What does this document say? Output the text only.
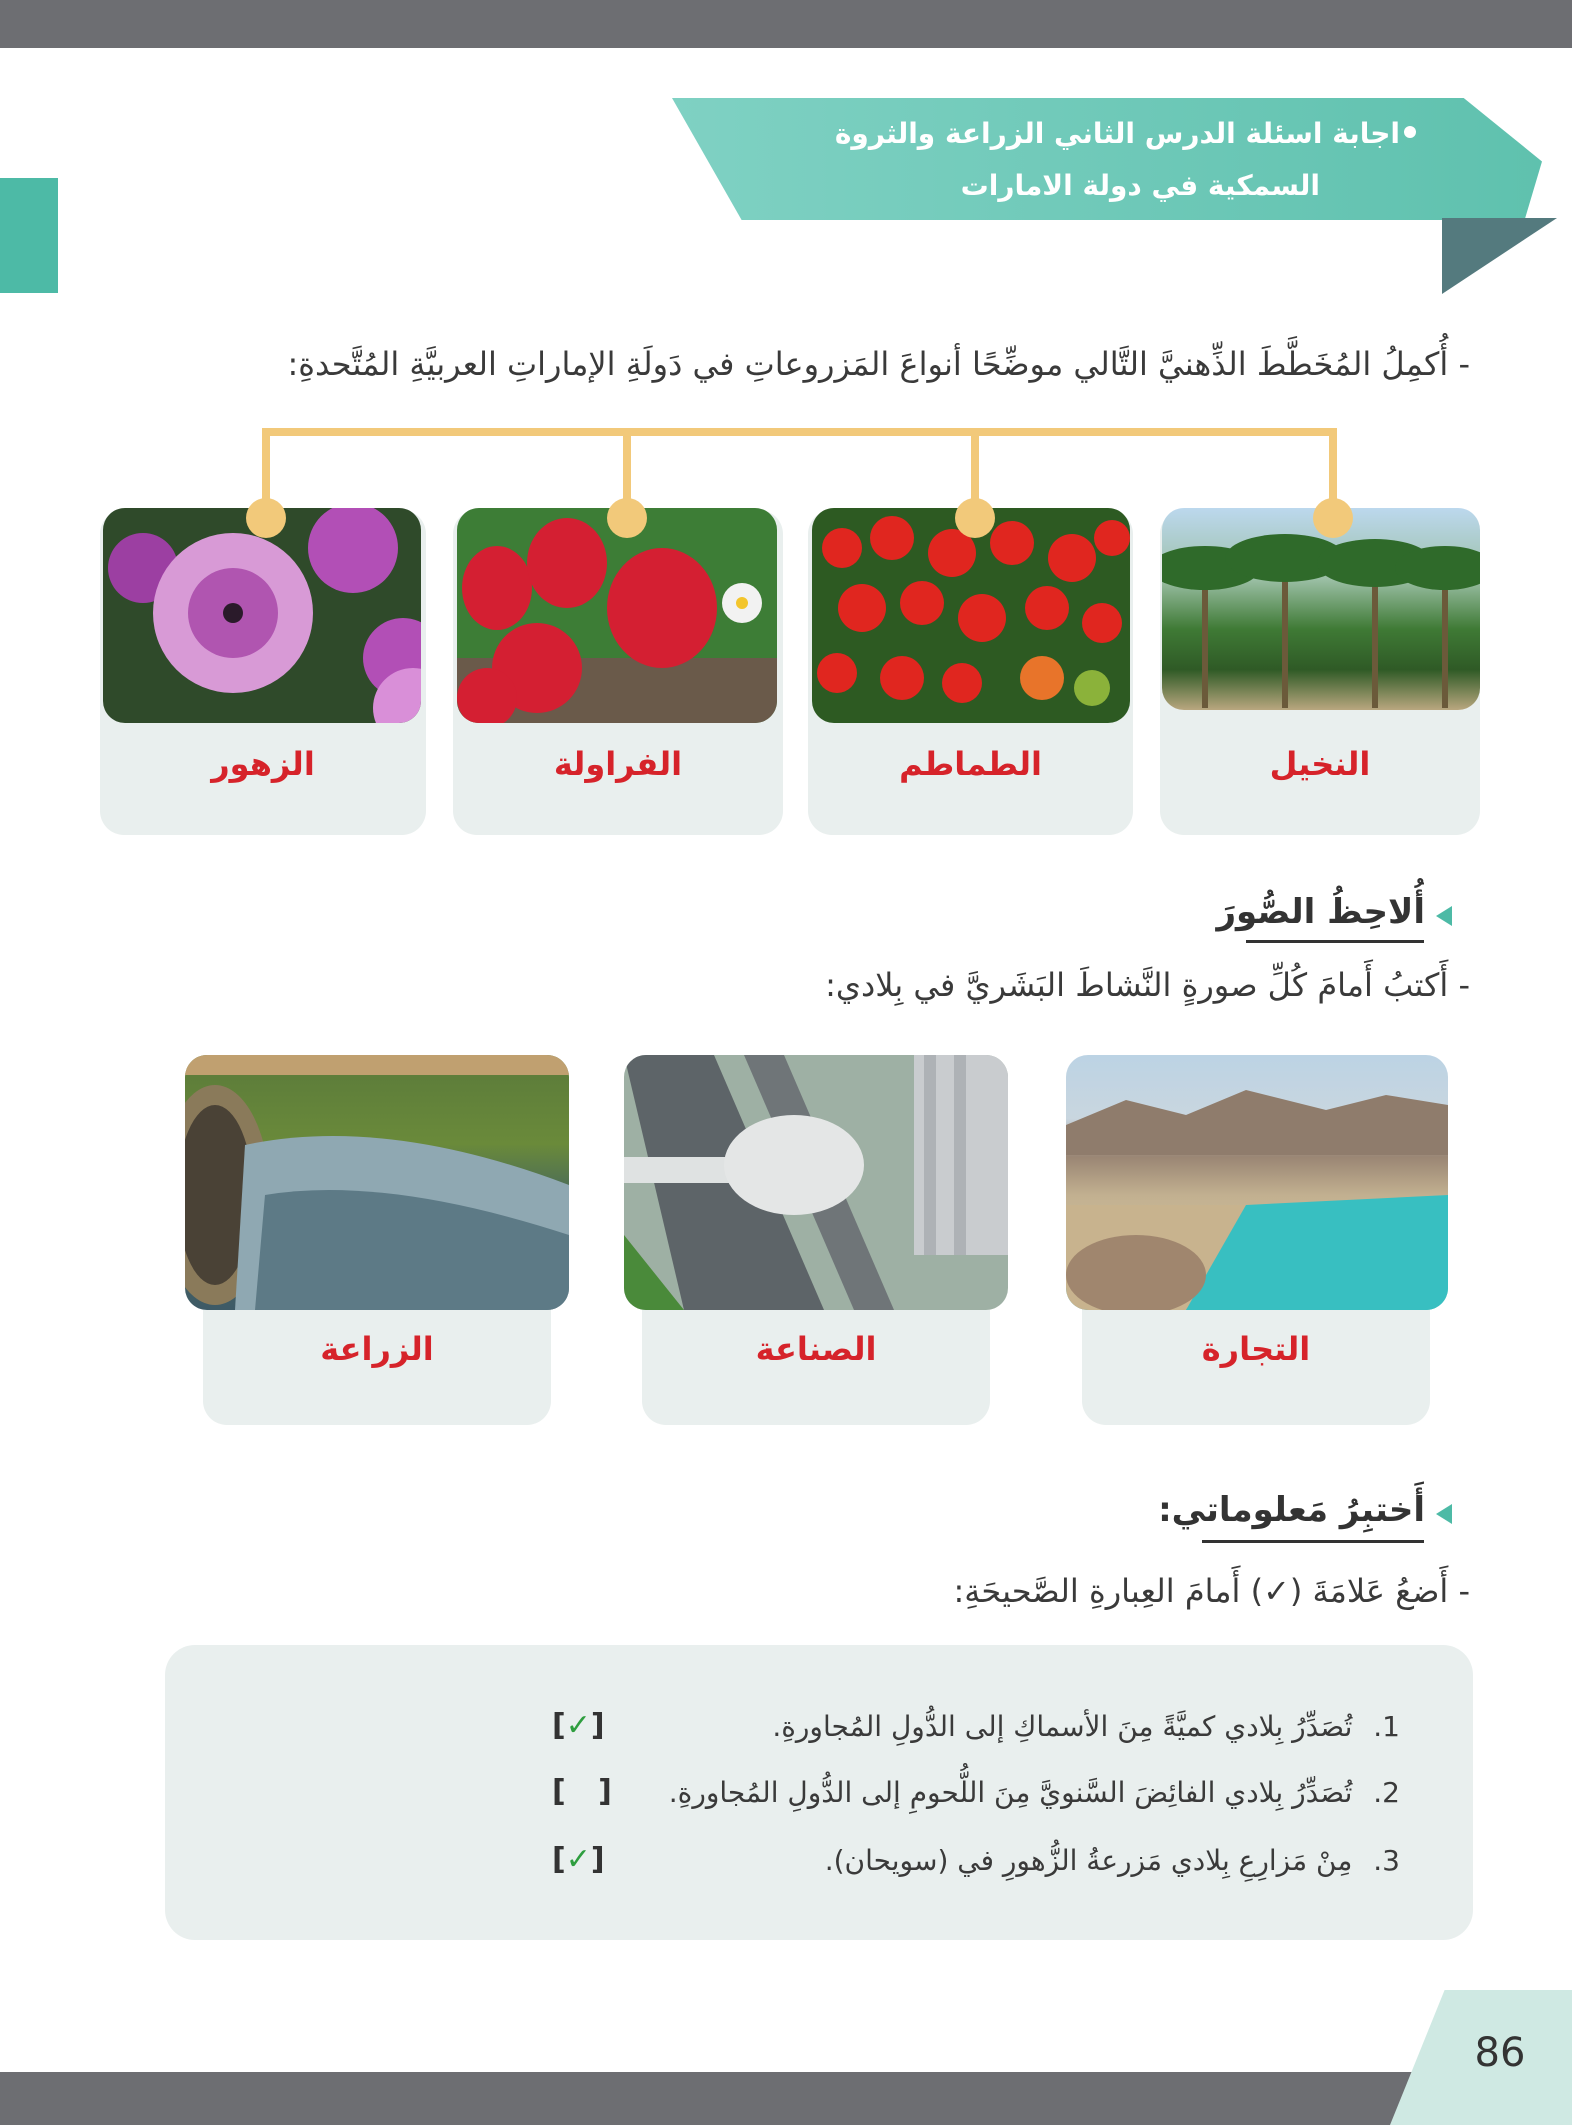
اجابة اسئلة الدرس الثاني الزراعة والثروة
السمكية في دولة الامارات
- أُكمِلُ المُخَطَّطَ الذِّهنيَّ التَّالي موضِّحًا أنواعَ المَزروعاتِ في دَولَةِ الإماراتِ العربيَّةِ المُتَّحدةِ:
النخيل
الطماطم
الفراولة
الزهور
أُلاحِظُ الصُّورَ
- أَكتبُ أَمامَ كُلِّ صورةٍ النَّشاطَ البَشَريَّ في بِلادي:
التجارة
الصناعة
الزراعة
أَختبِرُ مَعلوماتي:
- أَضعُ عَلامَةَ (✓) أَمامَ العِبارةِ الصَّحيحَةِ:
1. تُصَدِّرُ بِلادي كميَّةً مِنَ الأسماكِ إلى الدُّولِ المُجاورةِ.
[✓]
2. تُصَدِّرُ بِلادي الفائِضَ السَّنويَّ مِنَ اللُّحومِ إلى الدُّولِ المُجاورةِ.
[ ]
3. مِنْ مَزارِعِ بِلادي مَزرعةُ الزُّهورِ في (سويحان).
[✓]
86
